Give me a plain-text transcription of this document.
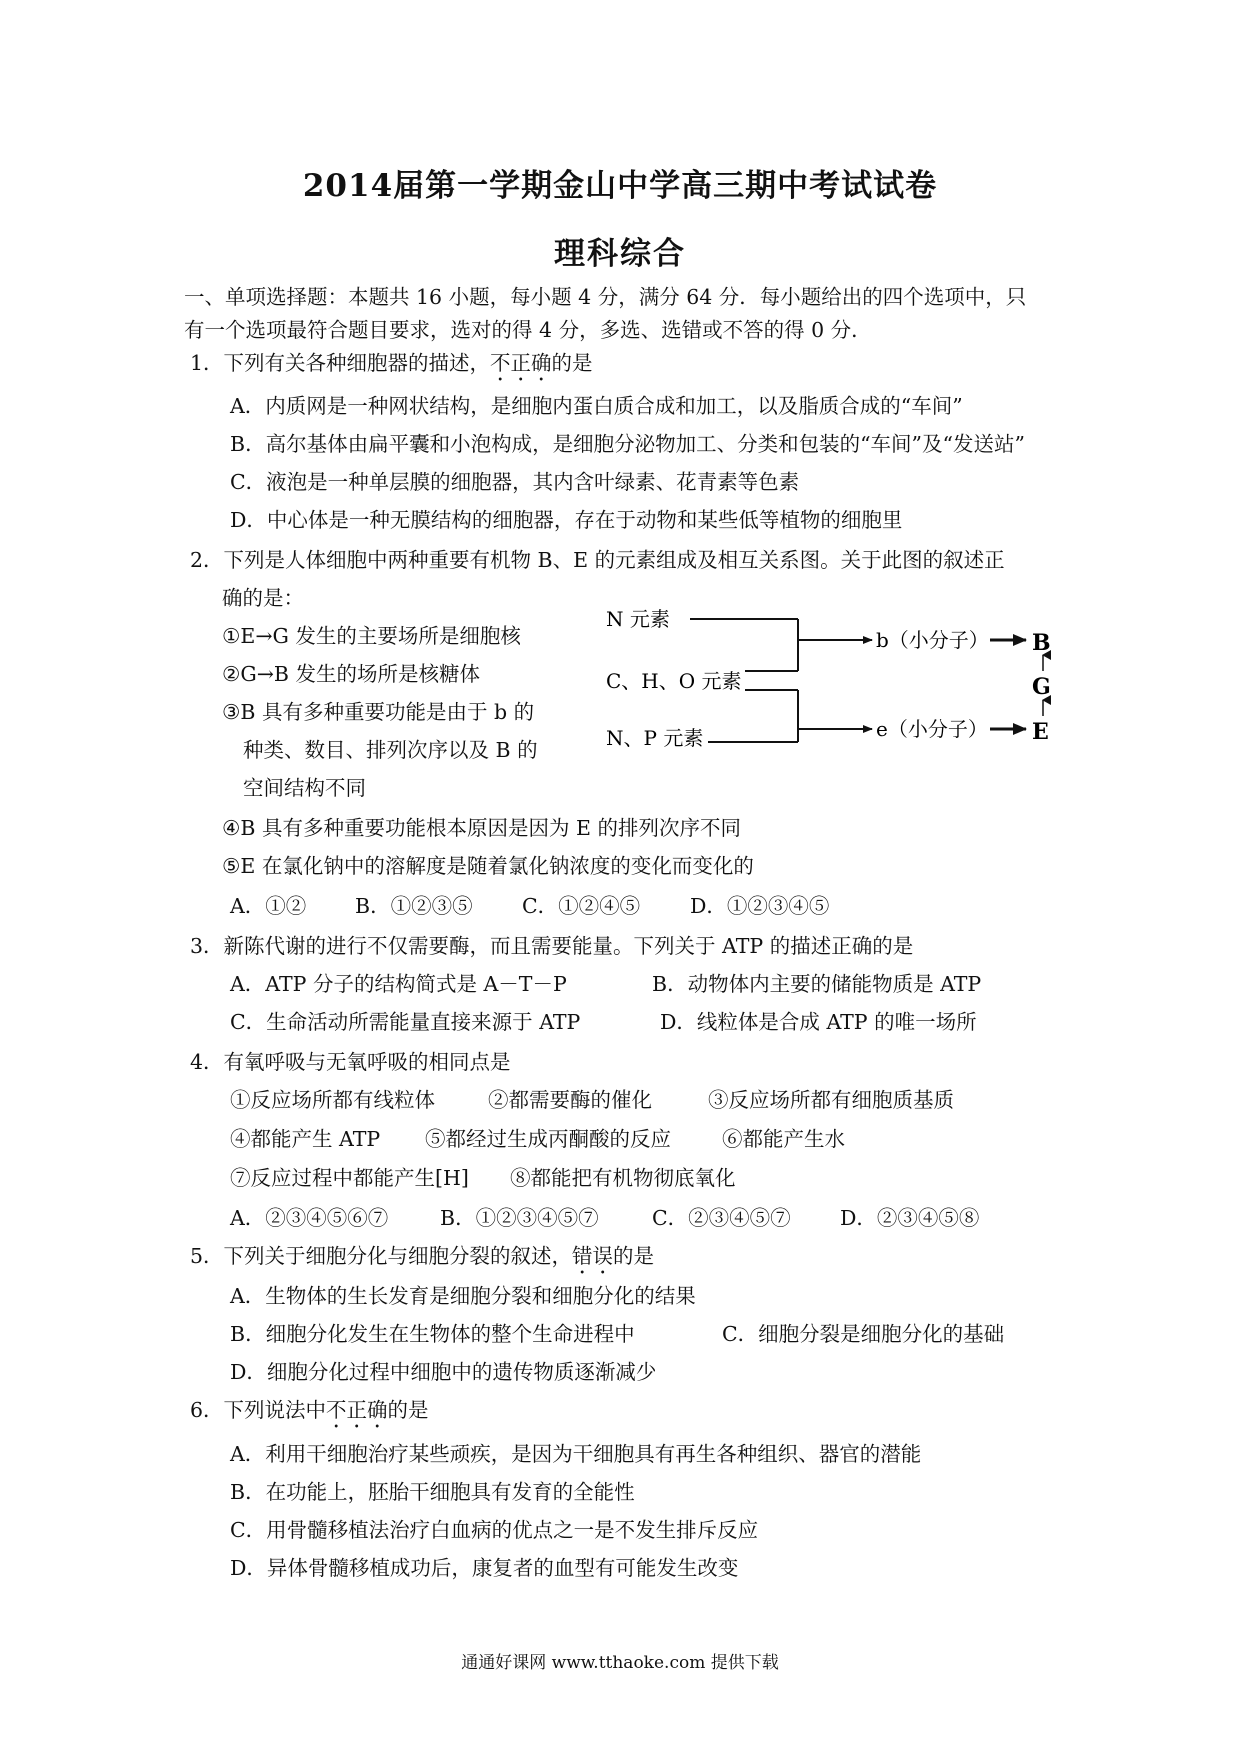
2014届第一学期金山中学高三期中考试试卷
理科综合
一、单项选择题：本题共 16 小题，每小题 4 分，满分 64 分．每小题给出的四个选项中，只
有一个选项最符合题目要求，选对的得 4 分，多选、选错或不答的得 0 分．
1．下列有关各种细胞器的描述，不正确的是
A．内质网是一种网状结构，是细胞内蛋白质合成和加工，以及脂质合成的“车间”
B．高尔基体由扁平囊和小泡构成，是细胞分泌物加工、分类和包装的“车间”及“发送站”
C．液泡是一种单层膜的细胞器，其内含叶绿素、花青素等色素
D．中心体是一种无膜结构的细胞器，存在于动物和某些低等植物的细胞里
2．下列是人体细胞中两种重要有机物 B、E 的元素组成及相互关系图。关于此图的叙述正
确的是：
①E→G 发生的主要场所是细胞核
②G→B 发生的场所是核糖体
③B 具有多种重要功能是由于 b 的
种类、数目、排列次序以及 B 的
空间结构不同
④B 具有多种重要功能根本原因是因为 E 的排列次序不同
⑤E 在氯化钠中的溶解度是随着氯化钠浓度的变化而变化的
A．①② B．①②③⑤ C．①②④⑤ D．①②③④⑤
N 元素
C、H、O 元素
N、P 元素
b（小分子）
e（小分子）
B
G
E
3．新陈代谢的进行不仅需要酶，而且需要能量。下列关于 ATP 的描述正确的是
A．ATP 分子的结构简式是 A－T－P	B．动物体内主要的储能物质是 ATP
C．生命活动所需能量直接来源于 ATP	D．线粒体是合成 ATP 的唯一场所
4．有氧呼吸与无氧呼吸的相同点是
①反应场所都有线粒体	②都需要酶的催化	③反应场所都有细胞质基质
④都能产生 ATP ⑤都经过生成丙酮酸的反应 ⑥都能产生水
⑦反应过程中都能产生[H] ⑧都能把有机物彻底氧化
A．②③④⑤⑥⑦	B．①②③④⑤⑦	C．②③④⑤⑦ D．②③④⑤⑧
5．下列关于细胞分化与细胞分裂的叙述，错误的是
A．生物体的生长发育是细胞分裂和细胞分化的结果
B．细胞分化发生在生物体的整个生命进程中	C．细胞分裂是细胞分化的基础
D．细胞分化过程中细胞中的遗传物质逐渐减少
6．下列说法中不正确的是
A．利用干细胞治疗某些顽疾，是因为干细胞具有再生各种组织、器官的潜能
B．在功能上，胚胎干细胞具有发育的全能性
C．用骨髓移植法治疗白血病的优点之一是不发生排斥反应
D．异体骨髓移植成功后，康复者的血型有可能发生改变
通通好课网 www.tthaoke.com 提供下载
